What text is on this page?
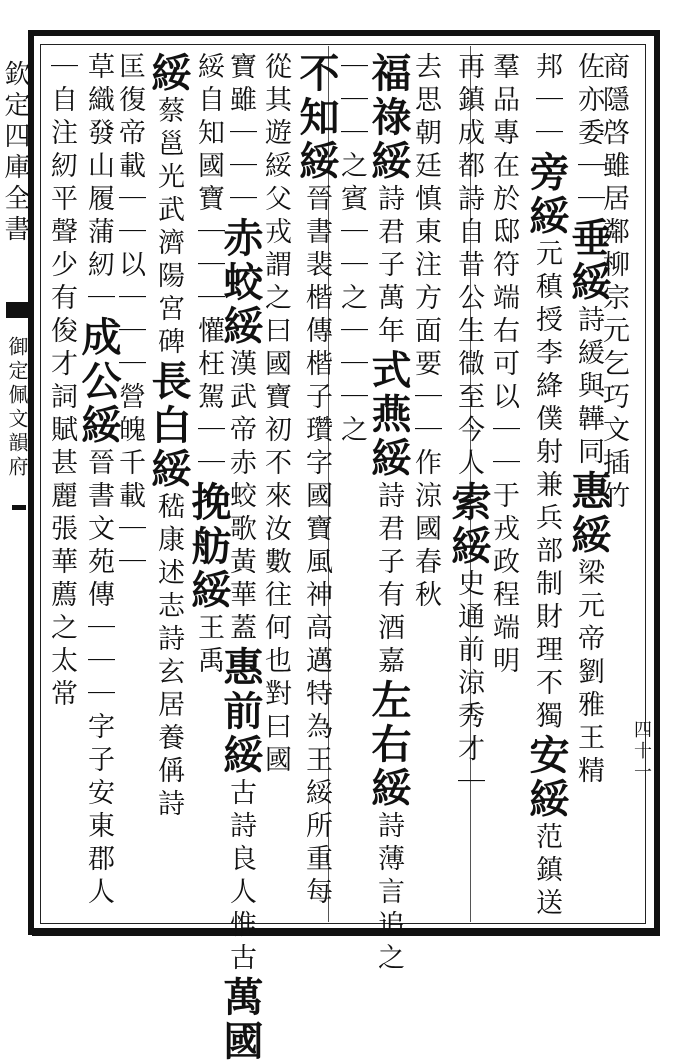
欽定四庫全書
御定佩文韻府
商隱啓雖居鄰柳宗元乞巧文插竹
佐亦委｜｜垂綏詩緩與韡同惠綏梁元帝劉雅王精
邦｜｜旁綏元稹授李絳僕射兼兵部制財理不獨安綏范鎮送
羣品專在於邸符端右可以｜｜于戎政程端明
再鎮成都詩自昔公生㣲至今人索綏史通前涼秀才｜
去思朝廷慎東注方面要｜｜作涼國春秋
福祿綏詩君子萬年式燕綏詩君子有酒嘉左右綏詩薄言追之
｜｜｜之賓｜｜之｜｜｜之
不知綏晉書裴楷傳楷子瓚字國寶風神高邁特為王綏所重每
從其遊綏父戎謂之曰國寶初不來汝數往何也對曰國
寶雖｜｜｜赤蛟綏漢武帝赤蛟歌黃華蓋惠前綏古詩良人惟古萬國
綏自知國寶｜｜｜懽枉駕｜｜挽舫綏王禹
綏蔡邕光武濟陽宮碑長白綏嵇康述志詩玄居養偁詩
匡復帝載｜｜以｜｜｜營魄千載｜｜
草織發山履蒲紉｜成公綏晉書文苑傳｜｜｜字子安東郡人
｜自注紉平聲少有俊才詞賦甚麗張華薦之太常
四十一
